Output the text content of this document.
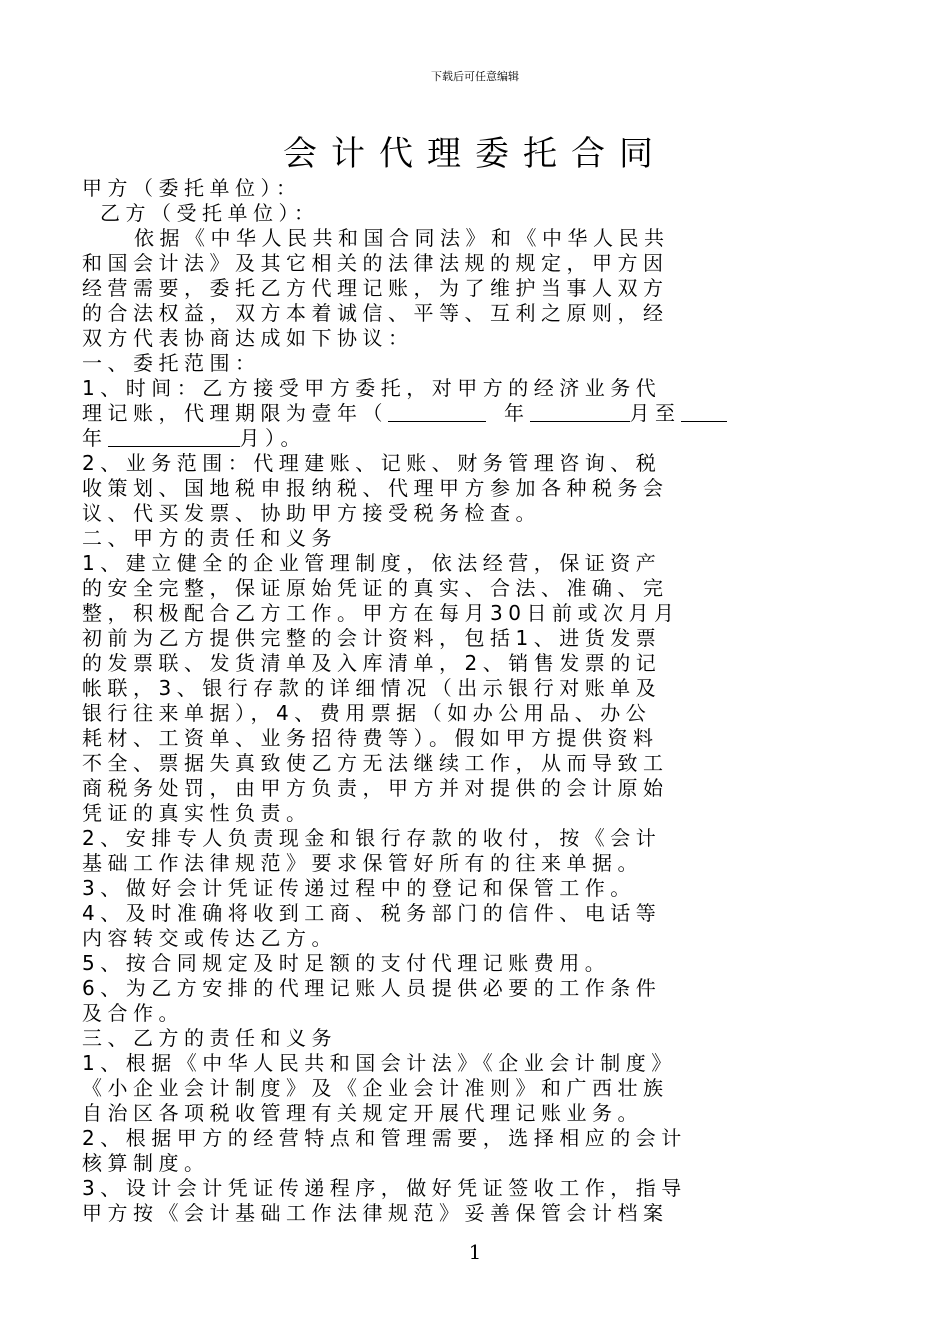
下载后可任意编辑
会计代理委托合同
甲方（委托单位）：
乙方（受托单位）：
依据《中华人民共和国合同法》和《中华人民共
和国会计法》及其它相关的法律法规的规定，甲方因
经营需要，委托乙方代理记账，为了维护当事人双方
的合法权益，双方本着诚信、平等、互利之原则，经
双方代表协商达成如下协议：
一、委托范围：
1、时间：乙方接受甲方委托，对甲方的经济业务代
理记账，代理期限为壹年（	年	月至
年	月）。
2、业务范围：代理建账、记账、财务管理咨询、税
收策划、国地税申报纳税、代理甲方参加各种税务会
议、代买发票、协助甲方接受税务检查。
二、甲方的责任和义务
1、建立健全的企业管理制度，依法经营，保证资产
的安全完整，保证原始凭证的真实、合法、准确、完
整，积极配合乙方工作。甲方在每月30日前或次月月
初前为乙方提供完整的会计资料，包括1、进货发票
的发票联、发货清单及入库清单，2、销售发票的记
帐联，3、银行存款的详细情况（出示银行对账单及
银行往来单据），4、费用票据（如办公用品、办公
耗材、工资单、业务招待费等）。假如甲方提供资料
不全、票据失真致使乙方无法继续工作，从而导致工
商税务处罚，由甲方负责，甲方并对提供的会计原始
凭证的真实性负责。
2、安排专人负责现金和银行存款的收付，按《会计
基础工作法律规范》要求保管好所有的往来单据。
3、做好会计凭证传递过程中的登记和保管工作。
4、及时准确将收到工商、税务部门的信件、电话等
内容转交或传达乙方。
5、按合同规定及时足额的支付代理记账费用。
6、为乙方安排的代理记账人员提供必要的工作条件
及合作。
三、乙方的责任和义务
1、根据《中华人民共和国会计法》《企业会计制度》
《小企业会计制度》及《企业会计准则》和广西壮族
自治区各项税收管理有关规定开展代理记账业务。
2、根据甲方的经营特点和管理需要，选择相应的会计
核算制度。
3、设计会计凭证传递程序，做好凭证签收工作，指导
甲方按《会计基础工作法律规范》妥善保管会计档案
1
